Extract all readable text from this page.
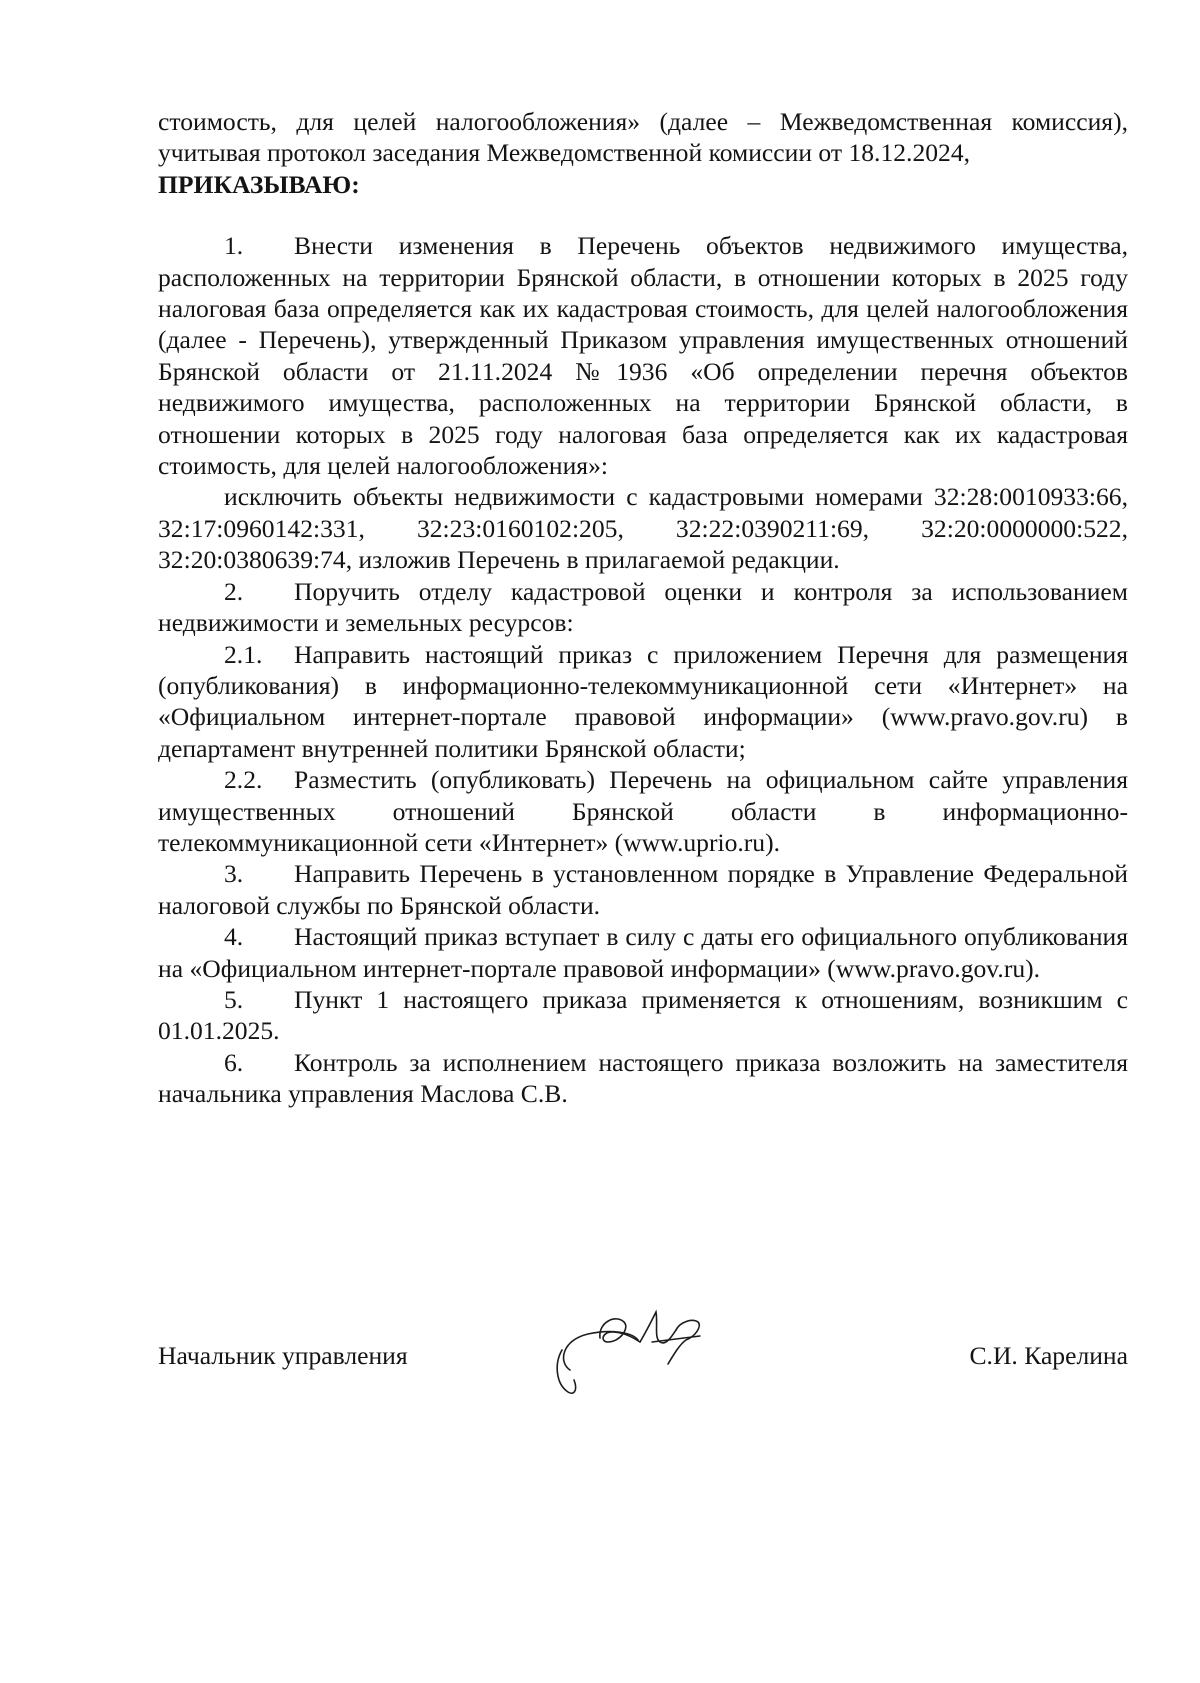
стоимость, для целей налогообложения» (далее – Межведомственная комиссия), учитывая протокол заседания Межведомственной комиссии от 18.12.2024,

ПРИКАЗЫВАЮ:

1. Внести изменения в Перечень объектов недвижимого имущества, расположенных на территории Брянской области, в отношении которых в 2025 году налоговая база определяется как их кадастровая стоимость, для целей налогообложения (далее - Перечень), утвержденный Приказом управления имущественных отношений Брянской области от 21.11.2024 №1936 «Об определении перечня объектов недвижимого имущества, расположенных на территории Брянской области, в отношении которых в 2025 году налоговая база определяется как их кадастровая стоимость, для целей налогообложения»:

исключить объекты недвижимости с кадастровыми номерами 32:28:0010933:66, 32:17:0960142:331, 32:23:0160102:205, 32:22:0390211:69, 32:20:0000000:522, 32:20:0380639:74, изложив Перечень в прилагаемой редакции.

2. Поручить отделу кадастровой оценки и контроля за использованием недвижимости и земельных ресурсов:

2.1. Направить настоящий приказ с приложением Перечня для размещения (опубликования) в информационно-телекоммуникационной сети «Интернет» на «Официальном интернет-портале правовой информации» (www.pravo.gov.ru) в департамент внутренней политики Брянской области;

2.2. Разместить (опубликовать) Перечень на официальном сайте управления имущественных отношений Брянской области в информационно-телекоммуникационной сети «Интернет» (www.uprio.ru).

3. Направить Перечень в установленном порядке в Управление Федеральной налоговой службы по Брянской области.

4. Настоящий приказ вступает в силу с даты его официального опубликования на «Официальном интернет-портале правовой информации» (www.pravo.gov.ru).

5. Пункт 1 настоящего приказа применяется к отношениям, возникшим с 01.01.2025.

6. Контроль за исполнением настоящего приказа возложить на заместителя начальника управления Маслова С.В.

Начальник управления	С.И. Карелина
